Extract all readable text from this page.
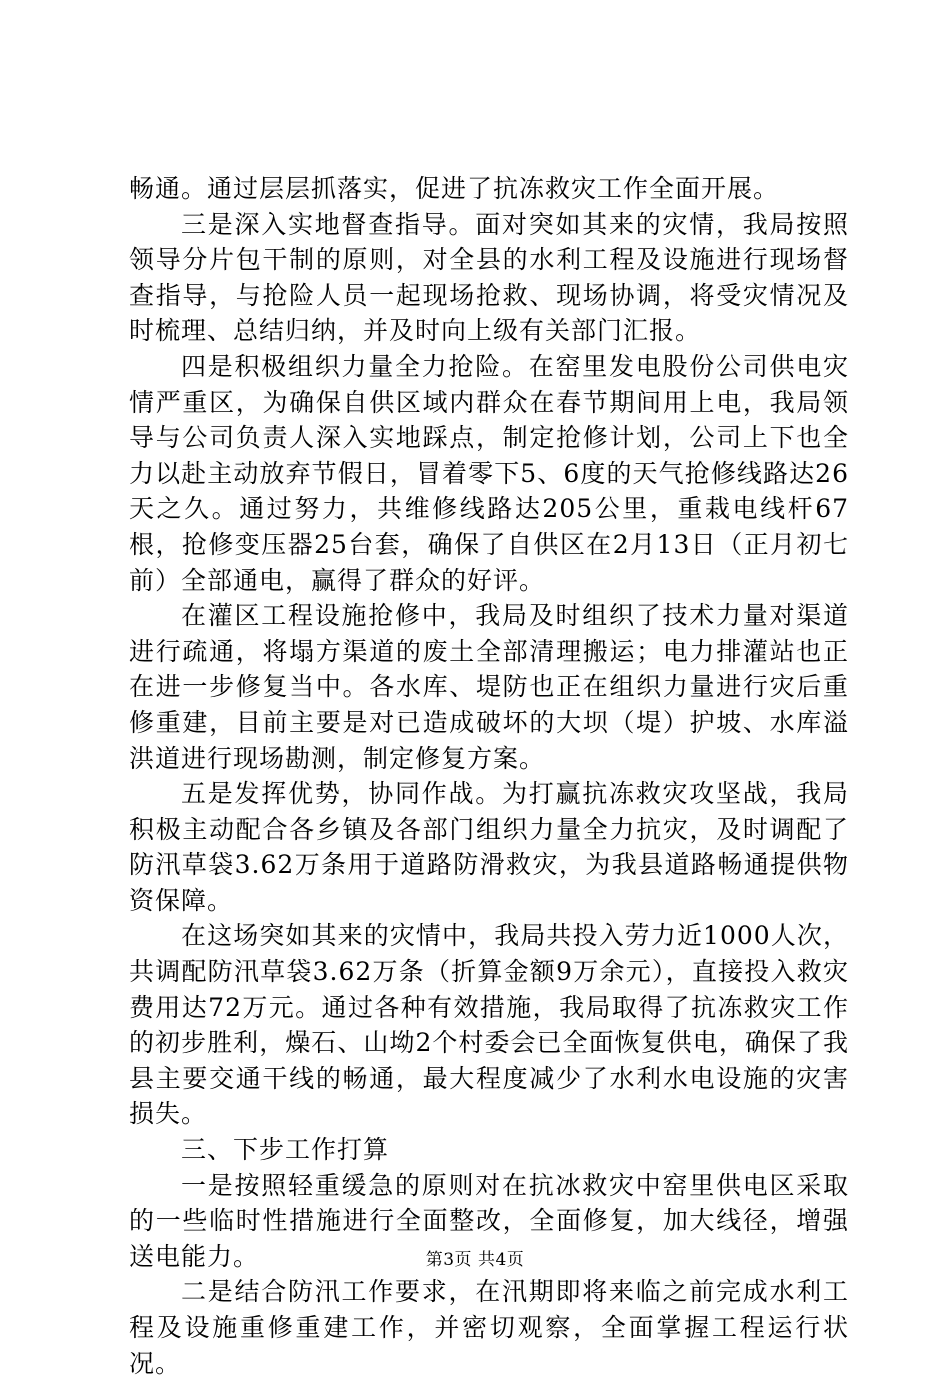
畅通。通过层层抓落实，促进了抗冻救灾工作全面开展。

三是深入实地督查指导。面对突如其来的灾情，我局按照领导分片包干制的原则，对全县的水利工程及设施进行现场督查指导，与抢险人员一起现场抢救、现场协调，将受灾情况及时梳理、总结归纳，并及时向上级有关部门汇报。

四是积极组织力量全力抢险。在窑里发电股份公司供电灾情严重区，为确保自供区域内群众在春节期间用上电，我局领导与公司负责人深入实地踩点，制定抢修计划，公司上下也全力以赴主动放弃节假日，冒着零下5、6度的天气抢修线路达26天之久。通过努力，共维修线路达205公里，重栽电线杆67根，抢修变压器25台套，确保了自供区在2月13日（正月初七前）全部通电，赢得了群众的好评。

在灌区工程设施抢修中，我局及时组织了技术力量对渠道进行疏通，将塌方渠道的废土全部清理搬运；电力排灌站也正在进一步修复当中。各水库、堤防也正在组织力量进行灾后重修重建，目前主要是对已造成破坏的大坝（堤）护坡、水库溢洪道进行现场勘测，制定修复方案。

五是发挥优势，协同作战。为打赢抗冻救灾攻坚战，我局积极主动配合各乡镇及各部门组织力量全力抗灾，及时调配了防汛草袋3.62万条用于道路防滑救灾，为我县道路畅通提供物资保障。

在这场突如其来的灾情中，我局共投入劳力近1000人次，共调配防汛草袋3.62万条（折算金额9万余元），直接投入救灾费用达72万元。通过各种有效措施，我局取得了抗冻救灾工作的初步胜利，燥石、山坳2个村委会已全面恢复供电，确保了我县主要交通干线的畅通，最大程度减少了水利水电设施的灾害损失。

三、下步工作打算

一是按照轻重缓急的原则对在抗冰救灾中窑里供电区采取的一些临时性措施进行全面整改，全面修复，加大线径，增强送电能力。

二是结合防汛工作要求，在汛期即将来临之前完成水利工程及设施重修重建工作，并密切观察，全面掌握工程运行状况。

第3页 共4页
